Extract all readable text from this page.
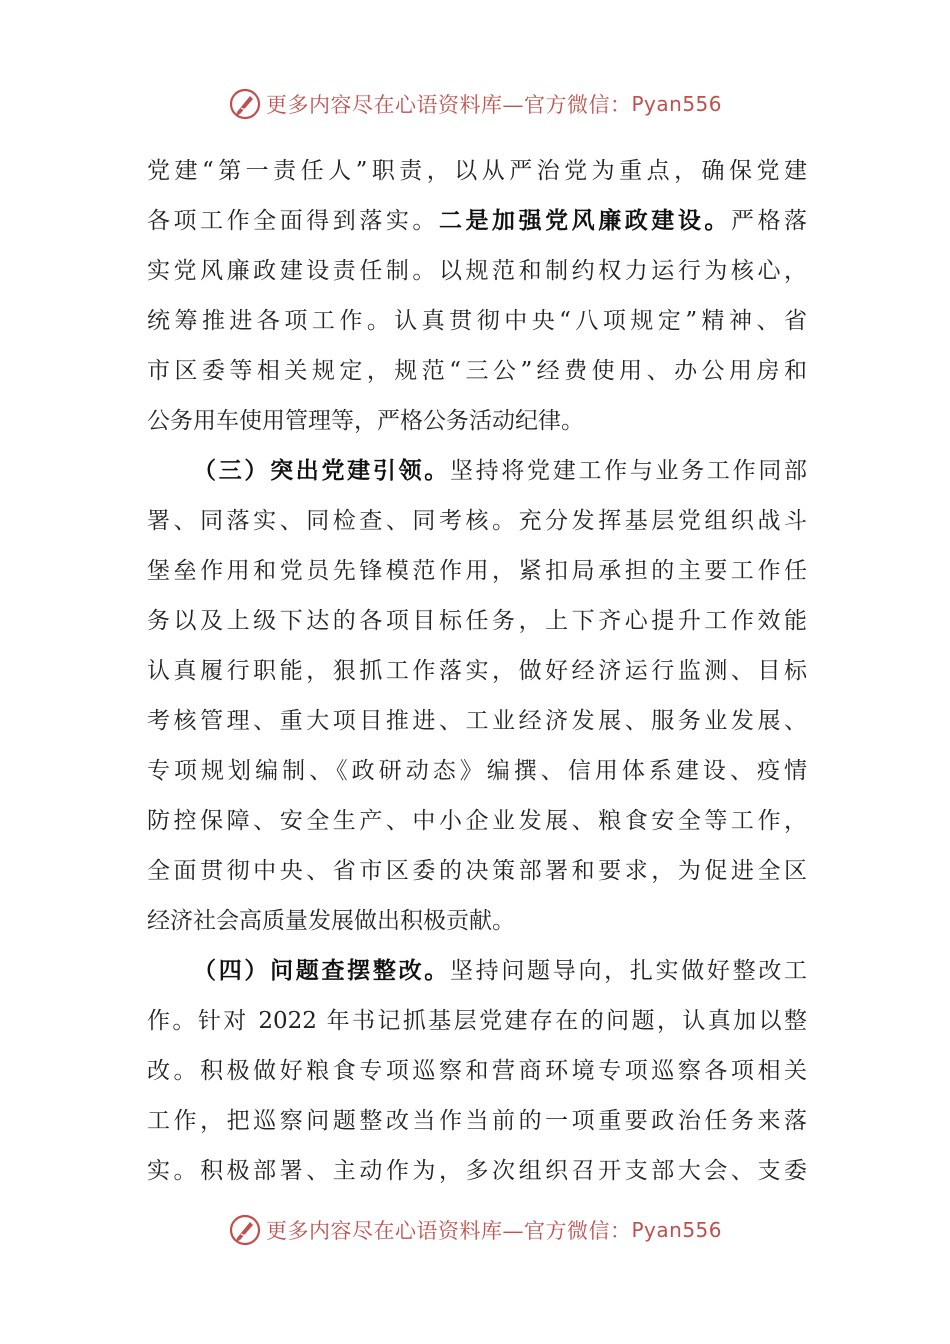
更多内容尽在心语资料库—官方微信： Pyan556
党建“第一责任人”职责，以从严治党为重点，确保党建
各项工作全面得到落实。二是加强党风廉政建设。严格落
实党风廉政建设责任制。以规范和制约权力运行为核心，
统筹推进各项工作。认真贯彻中央“八项规定”精神、省
市区委等相关规定，规范“三公”经费使用、办公用房和
公务用车使用管理等，严格公务活动纪律。
（三）突出党建引领。坚持将党建工作与业务工作同部
署、同落实、同检查、同考核。充分发挥基层党组织战斗
堡垒作用和党员先锋模范作用，紧扣局承担的主要工作任
务以及上级下达的各项目标任务，上下齐心提升工作效能
认真履行职能，狠抓工作落实，做好经济运行监测、目标
考核管理、重大项目推进、工业经济发展、服务业发展、
专项规划编制、《政研动态》编撰、信用体系建设、疫情
防控保障、安全生产、中小企业发展、粮食安全等工作，
全面贯彻中央、省市区委的决策部署和要求，为促进全区
经济社会高质量发展做出积极贡献。
（四）问题查摆整改。坚持问题导向，扎实做好整改工
作。针对 2022 年书记抓基层党建存在的问题，认真加以整
改。积极做好粮食专项巡察和营商环境专项巡察各项相关
工作，把巡察问题整改当作当前的一项重要政治任务来落
实。积极部署、主动作为，多次组织召开支部大会、支委
更多内容尽在心语资料库—官方微信： Pyan556
